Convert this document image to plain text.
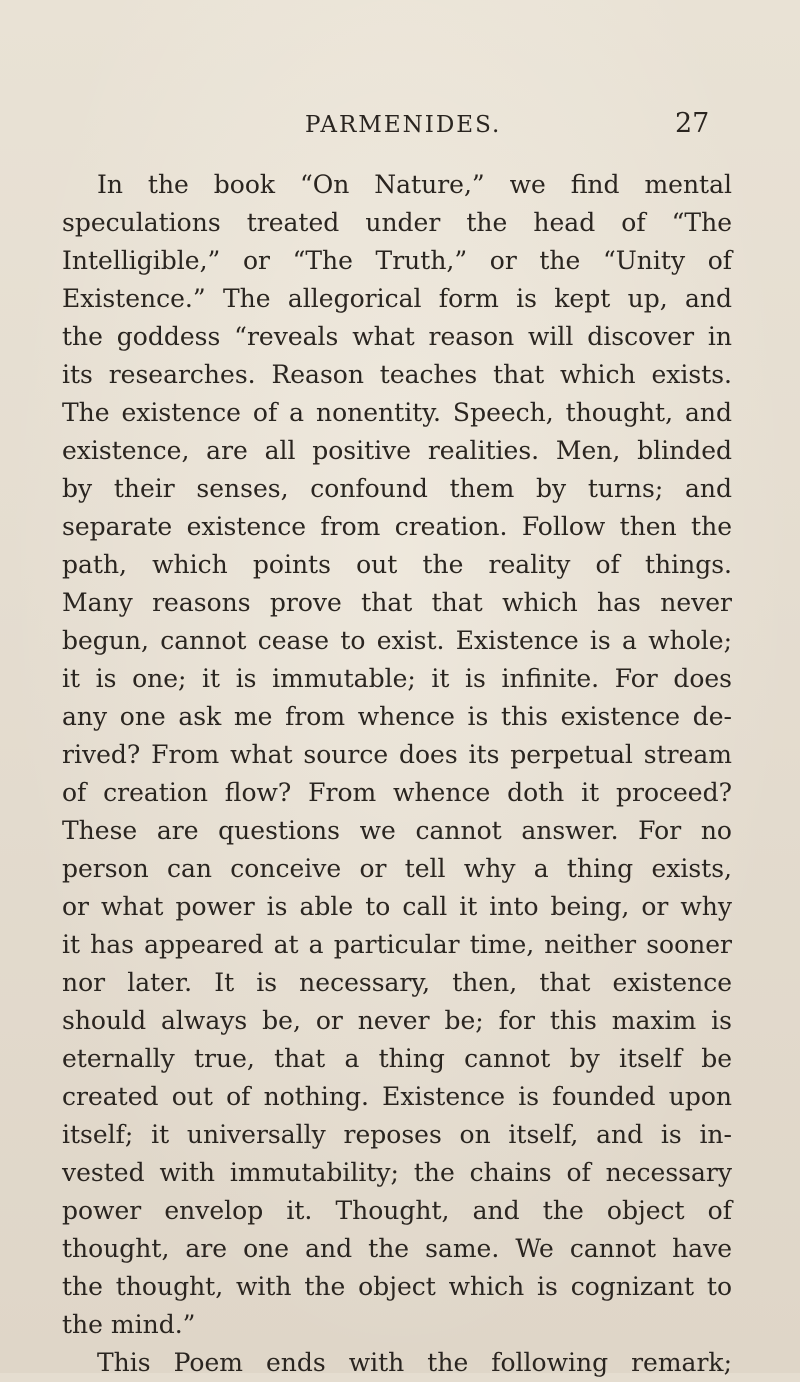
PARMENIDES.	27
In the book “On Nature,” we find mental
speculations treated under the head of “The
Intelligible,” or “The Truth,” or the “Unity of
Existence.” The allegorical form is kept up, and
the goddess “reveals what reason will discover in
its researches. Reason teaches that which exists.
The existence of a nonentity. Speech, thought, and
existence, are all positive realities. Men, blinded
by their senses, confound them by turns; and
separate existence from creation. Follow then the
path, which points out the reality of things.
Many reasons prove that that which has never
begun, cannot cease to exist. Existence is a whole;
it is one; it is immutable; it is infinite. For does
any one ask me from whence is this existence de-
rived? From what source does its perpetual stream
of creation flow? From whence doth it proceed?
These are questions we cannot answer. For no
person can conceive or tell why a thing exists,
or what power is able to call it into being, or why
it has appeared at a particular time, neither sooner
nor later. It is necessary, then, that existence
should always be, or never be; for this maxim is
eternally true, that a thing cannot by itself be
created out of nothing. Existence is founded upon
itself; it universally reposes on itself, and is in-
vested with immutability; the chains of necessary
power envelop it. Thought, and the object of
thought, are one and the same. We cannot have
the thought, with the object which is cognizant to
the mind.”
This Poem ends with the following remark;
